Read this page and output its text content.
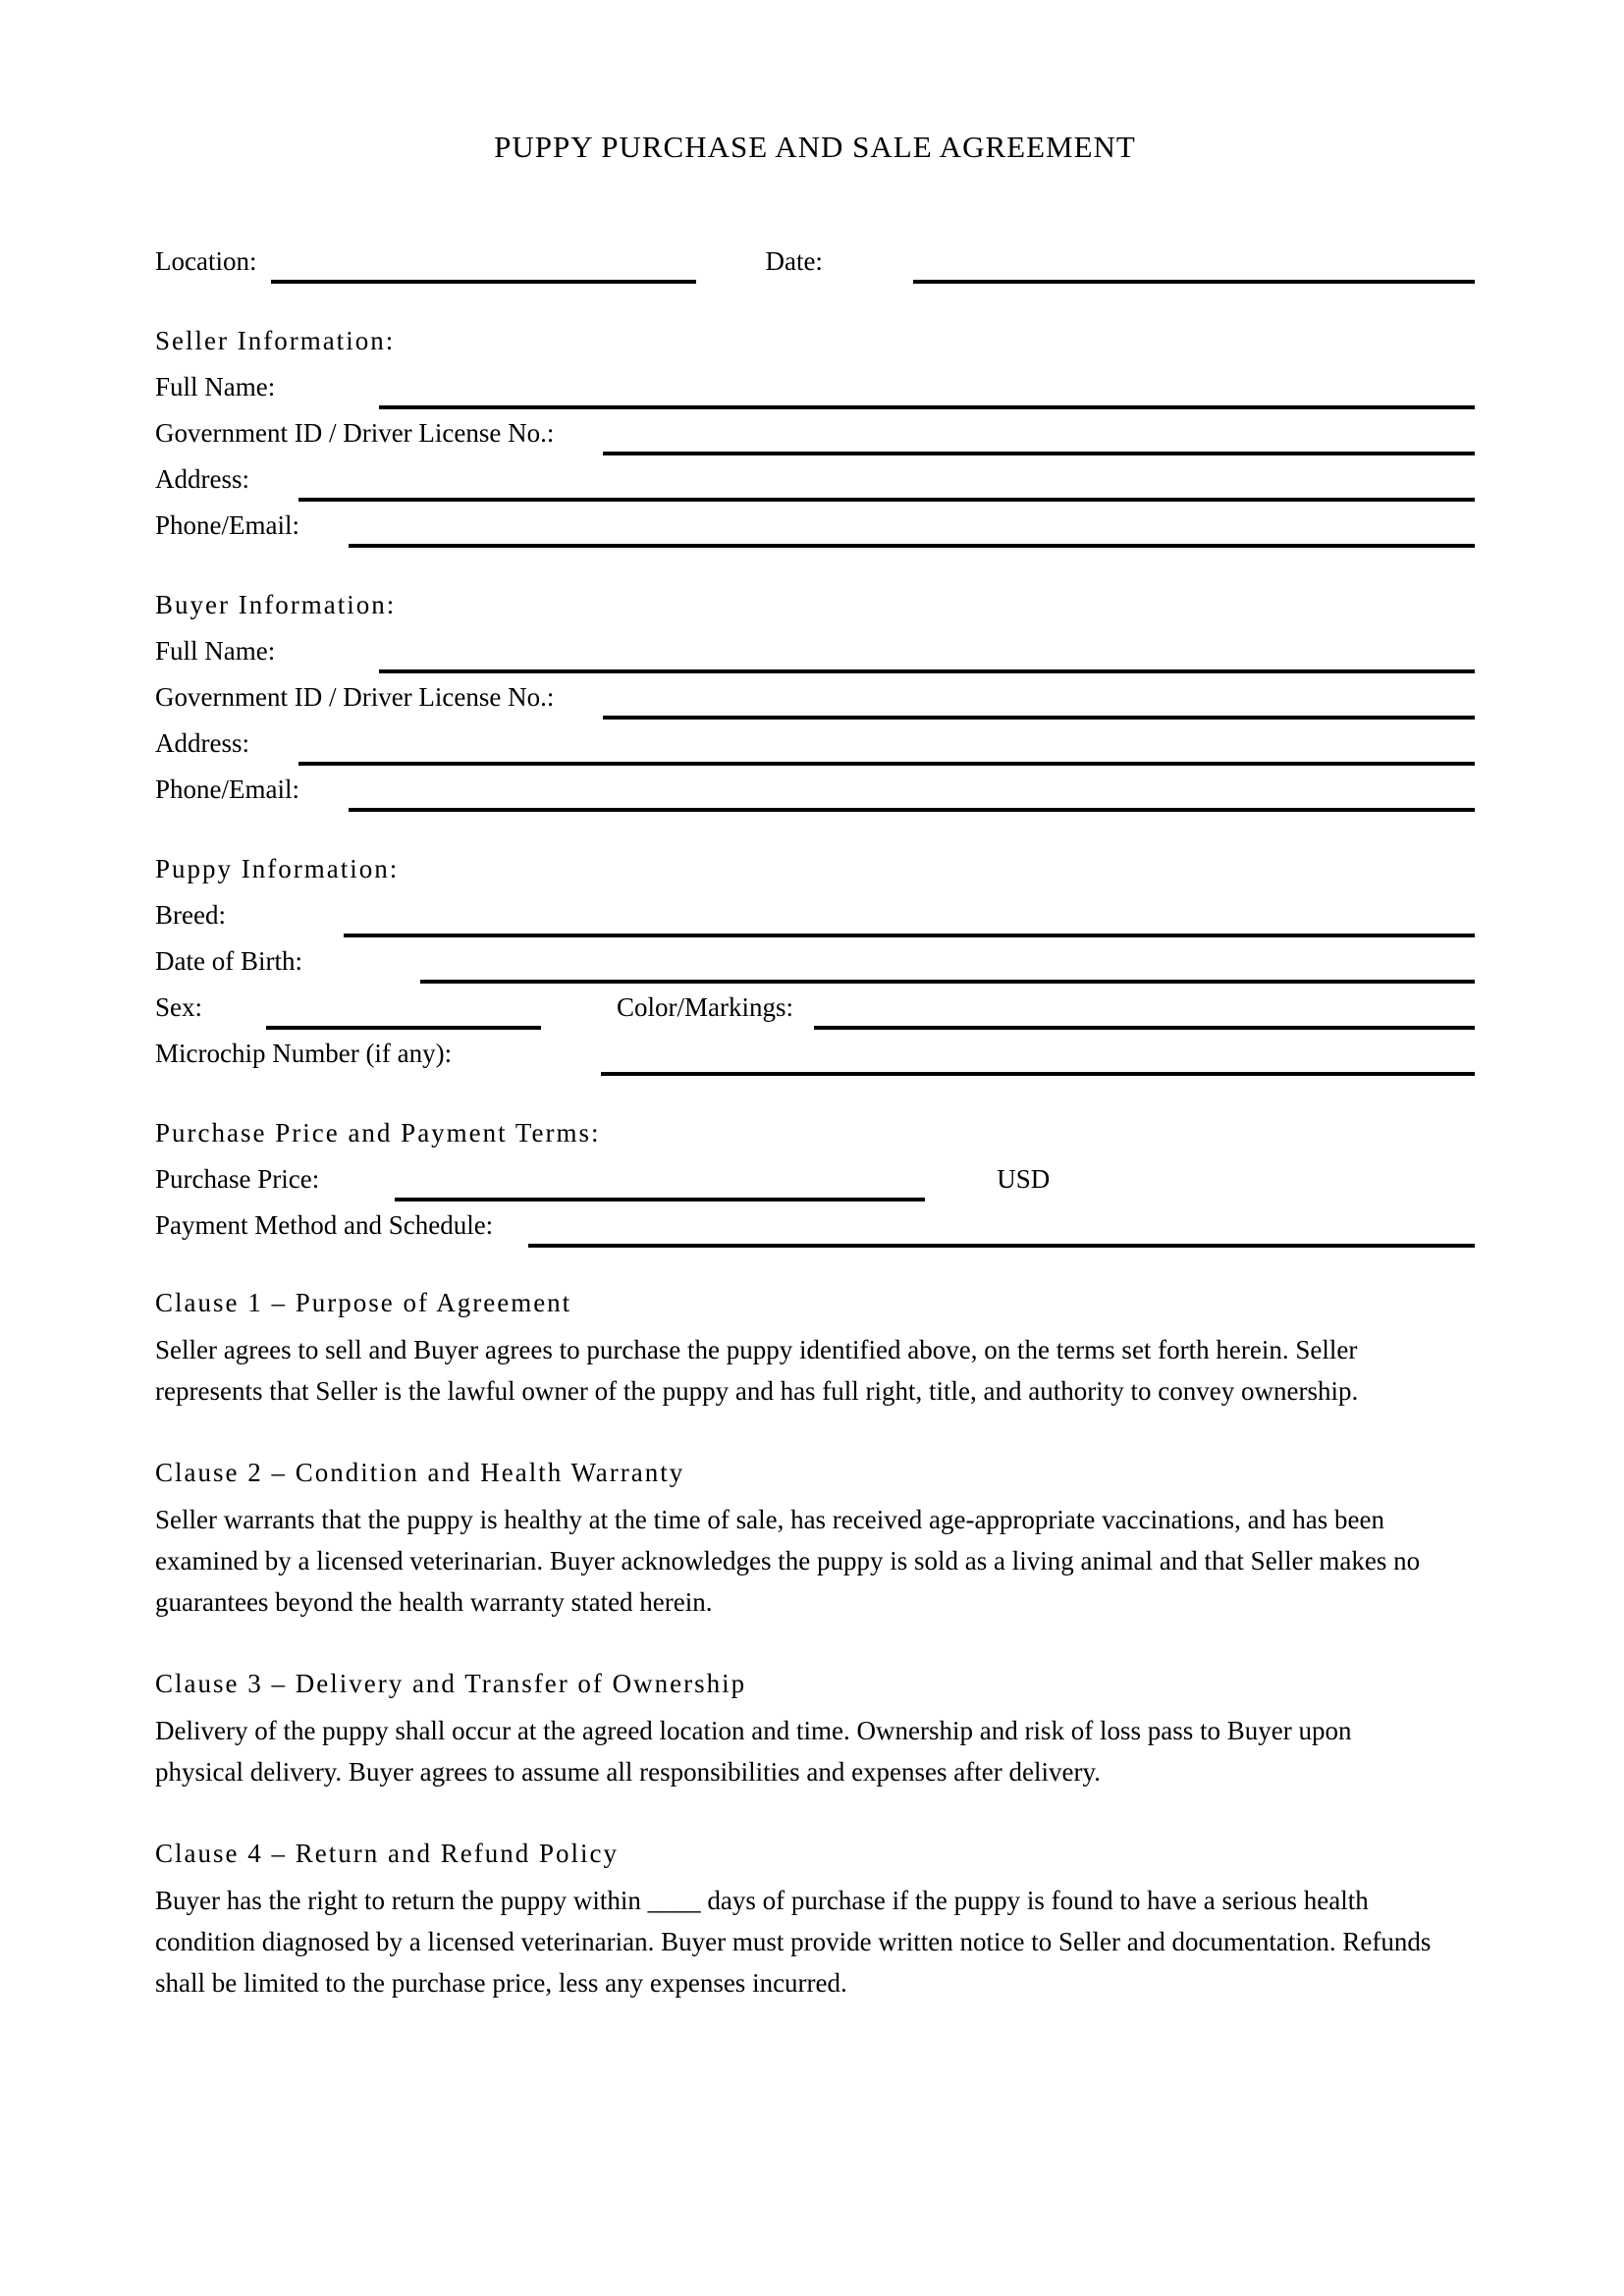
PUPPY PURCHASE AND SALE AGREEMENT
Location:	Date:
Seller Information:
Full Name:
Government ID / Driver License No.:
Address:
Phone/Email:
Buyer Information:
Full Name:
Government ID / Driver License No.:
Address:
Phone/Email:
Puppy Information:
Breed:
Date of Birth:
Sex:	Color/Markings:
Microchip Number (if any):
Purchase Price and Payment Terms:
Purchase Price:	USD
Payment Method and Schedule:
Clause 1 – Purpose of Agreement
Seller agrees to sell and Buyer agrees to purchase the puppy identified above, on the terms set forth herein. Seller
represents that Seller is the lawful owner of the puppy and has full right, title, and authority to convey ownership.
Clause 2 – Condition and Health Warranty
Seller warrants that the puppy is healthy at the time of sale, has received age-appropriate vaccinations, and has been
examined by a licensed veterinarian. Buyer acknowledges the puppy is sold as a living animal and that Seller makes no
guarantees beyond the health warranty stated herein.
Clause 3 – Delivery and Transfer of Ownership
Delivery of the puppy shall occur at the agreed location and time. Ownership and risk of loss pass to Buyer upon
physical delivery. Buyer agrees to assume all responsibilities and expenses after delivery.
Clause 4 – Return and Refund Policy
Buyer has the right to return the puppy within ____ days of purchase if the puppy is found to have a serious health
condition diagnosed by a licensed veterinarian. Buyer must provide written notice to Seller and documentation. Refunds
shall be limited to the purchase price, less any expenses incurred.
